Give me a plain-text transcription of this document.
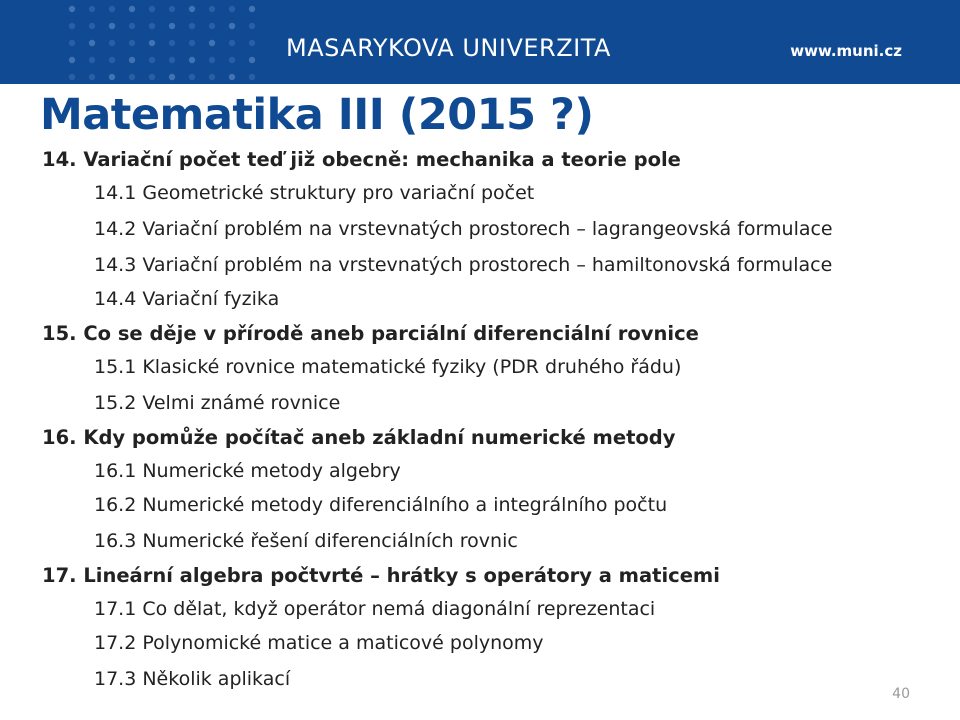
MASARYKOVA UNIVERZITA	www.muni.cz
Matematika III (2015 ?)
14. Variační počet teď již obecně: mechanika a teorie pole
14.1 Geometrické struktury pro variační počet
14.2 Variační problém na vrstevnatých prostorech – lagrangeovská formulace
14.3 Variační problém na vrstevnatých prostorech – hamiltonovská formulace
14.4 Variační fyzika
15. Co se děje v přírodě aneb parciální diferenciální rovnice
15.1 Klasické rovnice matematické fyziky (PDR druhého řádu)
15.2 Velmi známé rovnice
16. Kdy pomůže počítač aneb základní numerické metody
16.1 Numerické metody algebry
16.2 Numerické metody diferenciálního a integrálního počtu
16.3 Numerické řešení diferenciálních rovnic
17. Lineární algebra počtvrté – hrátky s operátory a maticemi
17.1 Co dělat, když operátor nemá diagonální reprezentaci
17.2 Polynomické matice a maticové polynomy
17.3 Několik aplikací
40
